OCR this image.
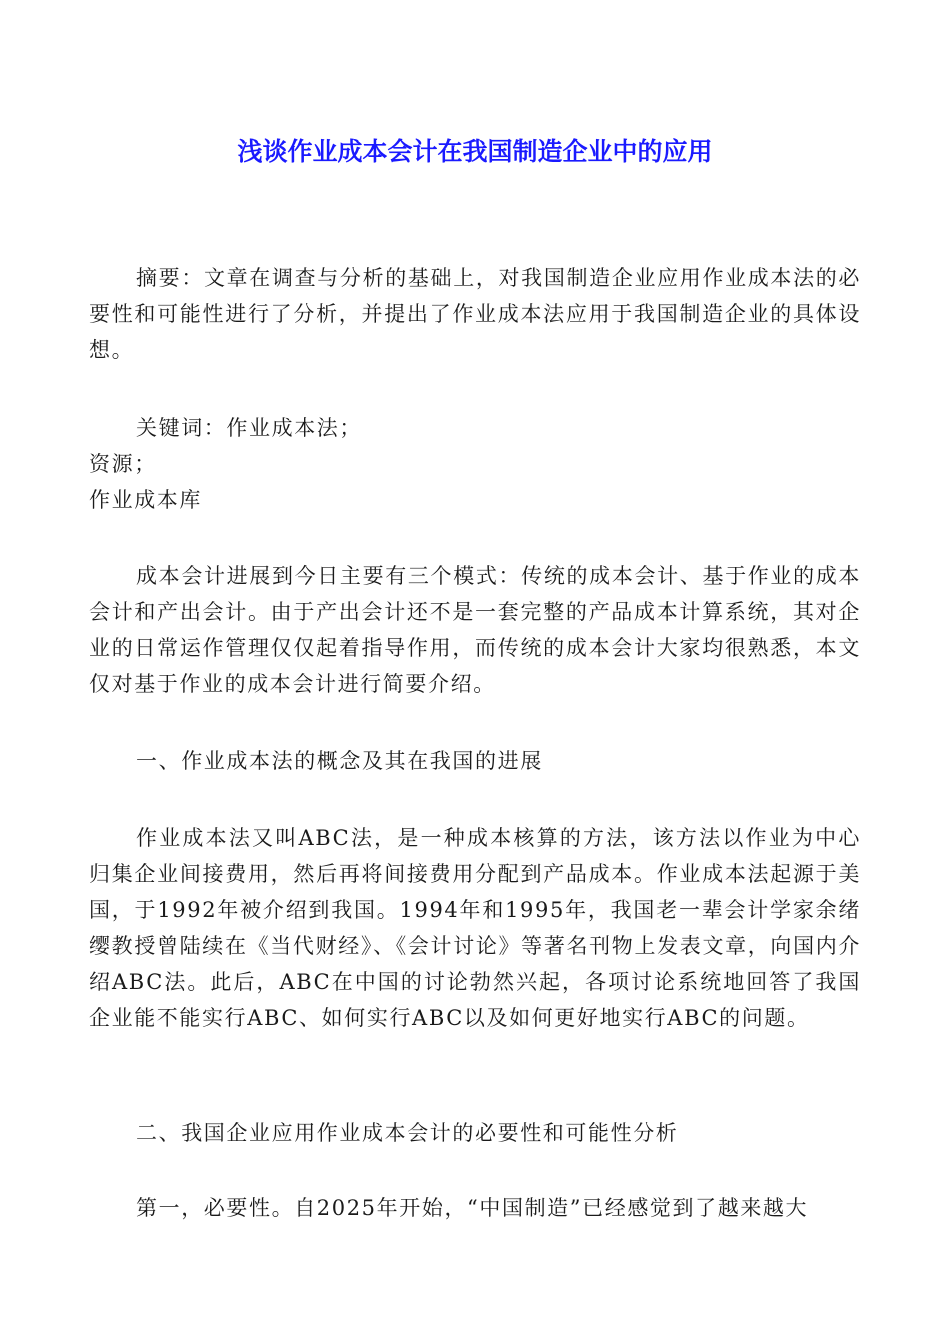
浅谈作业成本会计在我国制造企业中的应用

摘要：文章在调查与分析的基础上，对我国制造企业应用作业成本法的必要性和可能性进行了分析，并提出了作业成本法应用于我国制造企业的具体设想。

关键词：作业成本法；
资源；
作业成本库

成本会计进展到今日主要有三个模式：传统的成本会计、基于作业的成本会计和产出会计。由于产出会计还不是一套完整的产品成本计算系统，其对企业的日常运作管理仅仅起着指导作用，而传统的成本会计大家均很熟悉，本文仅对基于作业的成本会计进行简要介绍。

一、作业成本法的概念及其在我国的进展

作业成本法又叫ABC法，是一种成本核算的方法，该方法以作业为中心归集企业间接费用，然后再将间接费用分配到产品成本。作业成本法起源于美国，于1992年被介绍到我国。1994年和1995年，我国老一辈会计学家余绪缨教授曾陆续在《当代财经》、《会计讨论》等著名刊物上发表文章，向国内介绍ABC法。此后，ABC在中国的讨论勃然兴起，各项讨论系统地回答了我国企业能不能实行ABC、如何实行ABC以及如何更好地实行ABC的问题。

二、我国企业应用作业成本会计的必要性和可能性分析
第一，必要性。自2025年开始，“中国制造”已经感觉到了越来越大
